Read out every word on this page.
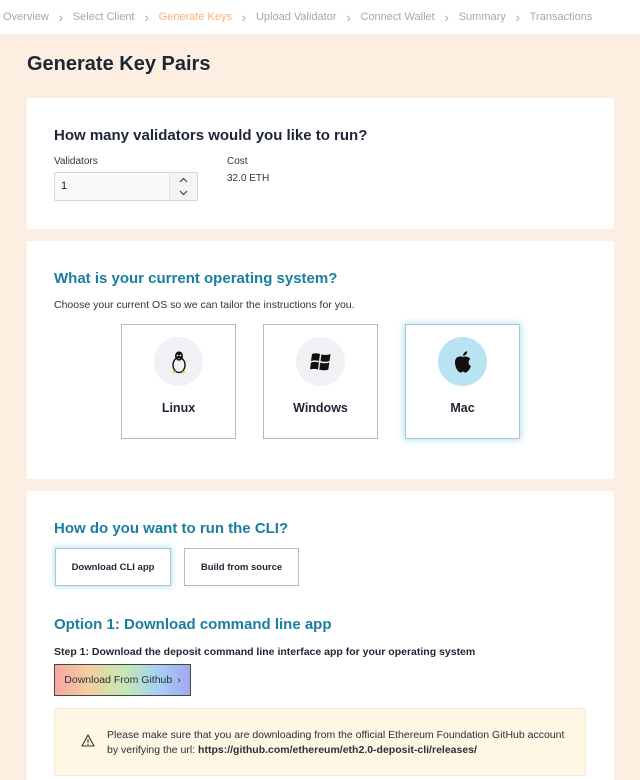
Overview › Select Client › Generate Keys › Upload Validator › Connect Wallet › Summary › Transactions
Generate Key Pairs
How many validators would you like to run?
Validators
1
Cost
32.0 ETH
What is your current operating system?

Choose your current OS so we can tailor the instructions for you.

Linux	Windows	Mac
How do you want to run the CLI?
Download CLI app	Build from source
Option 1: Download command line app

Step 1: Download the deposit command line interface app for your operating system

Download From Github ›

Please make sure that you are downloading from the official Ethereum Foundation GitHub account by verifying the url: https://github.com/ethereum/eth2.0-deposit-cli/releases/
